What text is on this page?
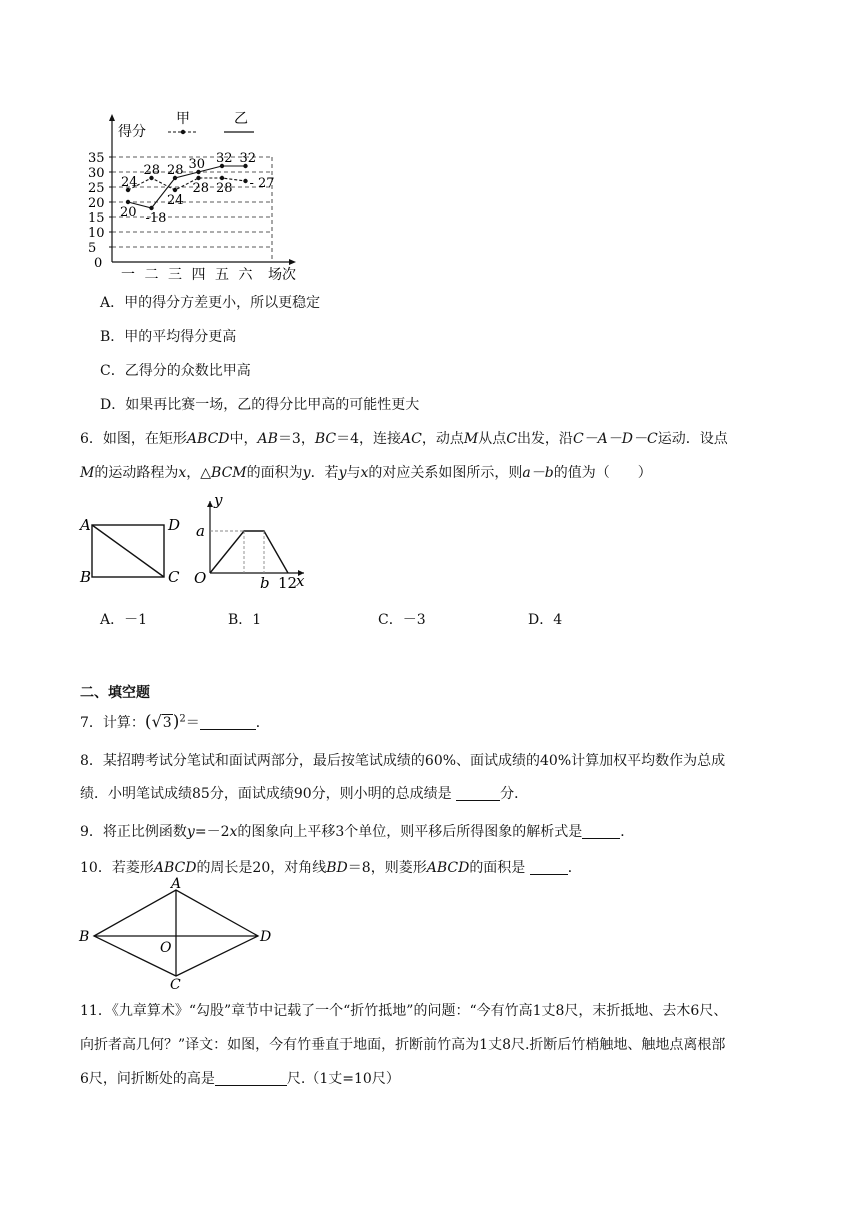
0
5
10
15
20
25
30
35
一 二 三 四 五 六 场次
得分
24
28
24
28 28 - 27
20 -18
28 30 32 32
甲	乙
A．甲的得分方差更小，所以更稳定
B．甲的平均得分更高
C．乙得分的众数比甲高
D．如果再比赛一场，乙的得分比甲高的可能性更大
6．如图，在矩形ABCD中，AB＝3，BC＝4，连接AC，动点M从点C出发，沿C－A－D－C运动．设点
M的运动路程为x，△BCM的面积为y．若y与x的对应关系如图所示，则a－b的值为（　　）
A	D
B	C
y
a
O	b 12
x
A．－1	B．1	C．－3	D．4
二、填空题
7．计算：$(√3)^2=$	．
8．某招聘考试分笔试和面试两部分，最后按笔试成绩的60%、面试成绩的40%计算加权平均数作为总成
绩．小明笔试成绩85分，面试成绩90分，则小明的总成绩是	分．
9．将正比例函数y=－2x的图象向上平移3个单位，则平移后所得图象的解析式是	．
10．若菱形ABCD的周长是20，对角线BD＝8，则菱形ABCD的面积是	．
A
B
O
D
C
11．《九章算术》“勾股”章节中记载了一个“折竹抵地”的问题：“今有竹高1丈8尺，末折抵地、去木6尺、
向折者高几何？”译文：如图，今有竹垂直于地面，折断前竹高为1丈8尺.折断后竹梢触地、触地点离根部
6尺，问折断处的高是	尺.（1丈=10尺）
